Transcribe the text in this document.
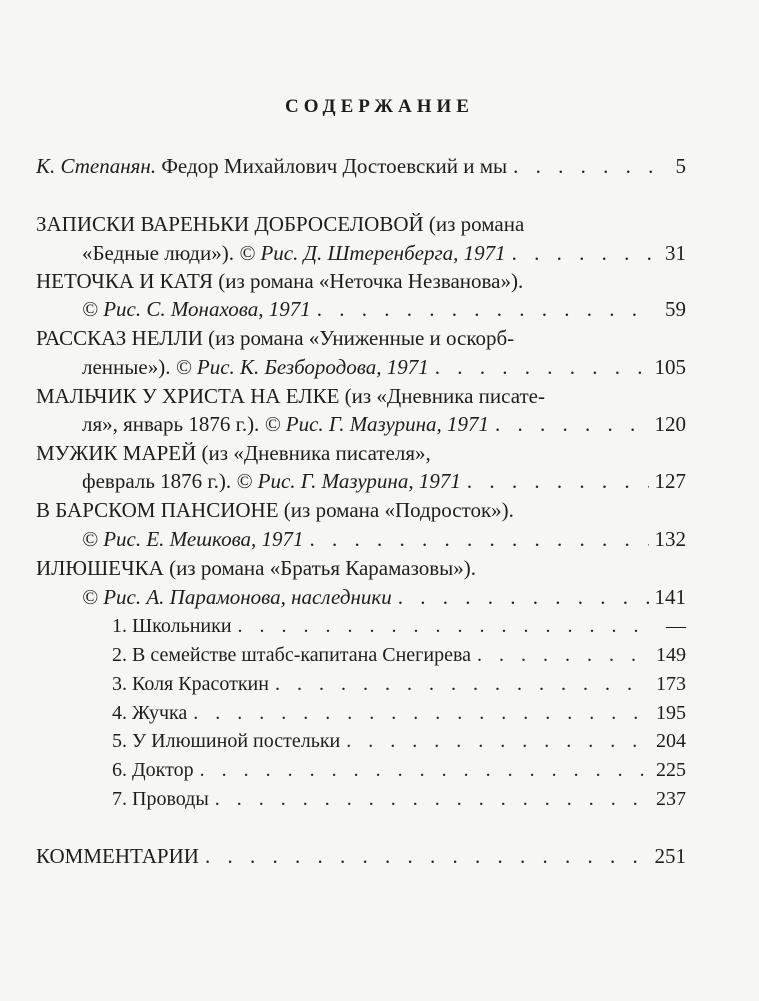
СОДЕРЖАНИЕ
К. Степанян. Федор Михайлович Достоевский и мы . . .	5
ЗАПИСКИ ВАРЕНЬКИ ДОБРОСЕЛОВОЙ (из романа
«Бедные люди»). © Рис. Д. Штеренберга, 1971 . . .	31
НЕТОЧКА И КАТЯ (из романа «Неточка Незванова»).
© Рис. С. Монахова, 1971 . . .	59
РАССКАЗ НЕЛЛИ (из романа «Униженные и оскорб-
ленные»). © Рис. К. Безбородова, 1971 . . .	105
МАЛЬЧИК У ХРИСТА НА ЕЛКЕ (из «Дневника писате-
ля», январь 1876 г.). © Рис. Г. Мазурина, 1971 . . .	120
МУЖИК МАРЕЙ (из «Дневника писателя»,
февраль 1876 г.). © Рис. Г. Мазурина, 1971 . . .	127
В БАРСКОМ ПАНСИОНЕ (из романа «Подросток»).
© Рис. Е. Мешкова, 1971 . . .	132
ИЛЮШЕЧКА (из романа «Братья Карамазовы»).
© Рис. А. Парамонова, наследники . . .	141
1. Школьники . . .	—
2. В семействе штабс-капитана Снегирева . . .	149
3. Коля Красоткин . . .	173
4. Жучка . . .	195
5. У Илюшиной постельки . . .	204
6. Доктор . . .	225
7. Проводы . . .	237
КОММЕНТАРИИ . . .	251
